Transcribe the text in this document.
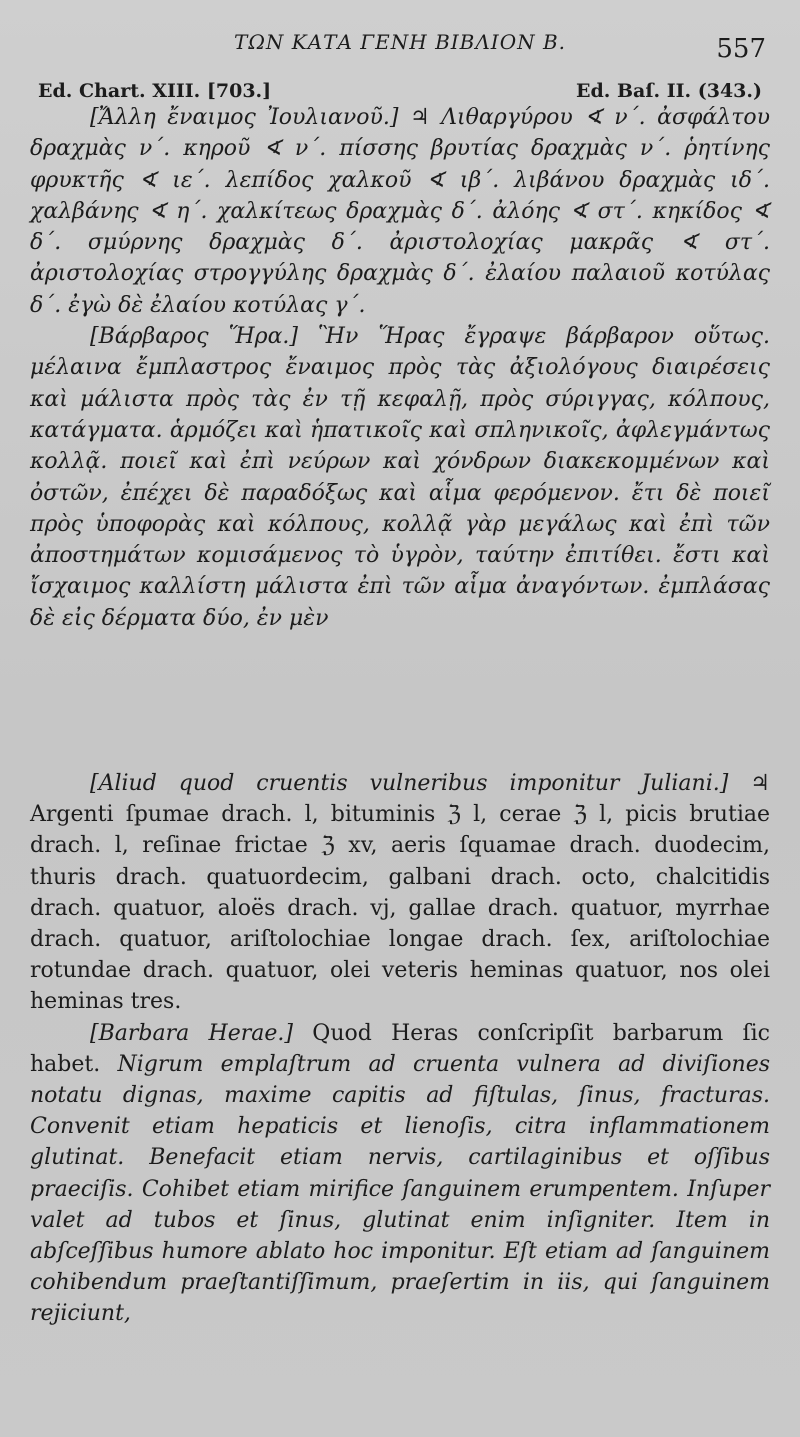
ΤΩΝ ΚΑΤΑ ΓΕΝΗ ΒΙΒΛΙΟΝ Β.	557
Ed. Chart. XIII. [703.]	Ed. Baſ. II. (343.)

[Ἄλλη ἔναιμος Ἰουλιανοῦ.] ♃ Λιθαργύρου ∢ ν΄. ἀσφάλτου δραχμὰς ν΄. κηροῦ ∢ ν΄. πίσσης βρυτίας δραχμὰς ν΄. ῥητίνης φρυκτῆς ∢ ιε΄. λεπίδος χαλκοῦ ∢ ιβ΄. λιβάνου δραχμὰς ιδ΄. χαλβάνης ∢ η΄. χαλκίτεως δραχμὰς δ΄. ἀλόης ∢ στ΄. κηκίδος ∢ δ΄. σμύρνης δραχμὰς δ΄. ἀριστολοχίας μακρᾶς ∢ στ΄. ἀριστολοχίας στρογγύλης δραχμὰς δ΄. ἐλαίου παλαιοῦ κοτύλας δ΄. ἐγὼ δὲ ἐλαίου κοτύλας γ΄.

[Βάρβαρος Ἥρα.] Ἣν Ἥρας ἔγραψε βάρβαρον οὕτως. μέλαινα ἔμπλαστρος ἔναιμος πρὸς τὰς ἀξιολόγους διαιρέσεις καὶ μάλιστα πρὸς τὰς ἐν τῇ κεφαλῇ, πρὸς σύριγγας, κόλπους, κατάγματα. ἁρμόζει καὶ ἡπατικοῖς καὶ σπληνικοῖς, ἀφλεγμάντως κολλᾷ. ποιεῖ καὶ ἐπὶ νεύρων καὶ χόνδρων διακεκομμένων καὶ ὀστῶν, ἐπέχει δὲ παραδόξως καὶ αἷμα φερόμενον. ἔτι δὲ ποιεῖ πρὸς ὑποφορὰς καὶ κόλπους, κολλᾷ γὰρ μεγάλως καὶ ἐπὶ τῶν ἀποστημάτων κομισάμενος τὸ ὑγρὸν, ταύτην ἐπιτίθει. ἔστι καὶ ἴσχαιμος καλλίστη μάλιστα ἐπὶ τῶν αἷμα ἀναγόντων. ἐμπλάσας δὲ εἰς δέρματα δύο, ἐν μὲν

[Aliud quod cruentis vulneribus imponitur Juliani.] ♃ Argenti ſpumae drach. l, bituminis ℨ l, cerae ℨ l, picis brutiae drach. l, reſinae frictae ℨ xv, aeris ſquamae drach. duodecim, thuris drach. quatuordecim, galbani drach. octo, chalcitidis drach. quatuor, aloës drach. vj, gallae drach. quatuor, myrrhae drach. quatuor, ariſtolochiae longae drach. ſex, ariſtolochiae rotundae drach. quatuor, olei veteris heminas quatuor, nos olei heminas tres.

[Barbara Herae.] Quod Heras conſcripſit barbarum ſic habet. Nigrum emplaſtrum ad cruenta vulnera ad diviſiones notatu dignas, maxime capitis ad fiſtulas, ſinus, fracturas. Convenit etiam hepaticis et lienoſis, citra inflammationem glutinat. Benefacit etiam nervis, cartilaginibus et oſſibus praeciſis. Cohibet etiam mirifice ſanguinem erumpentem. Inſuper valet ad tubos et ſinus, glutinat enim inſigniter. Item in abſceſſibus humore ablato hoc imponitur. Eſt etiam ad ſanguinem cohibendum praeſtantiſſimum, praeſertim in iis, qui ſanguinem rejiciunt,
